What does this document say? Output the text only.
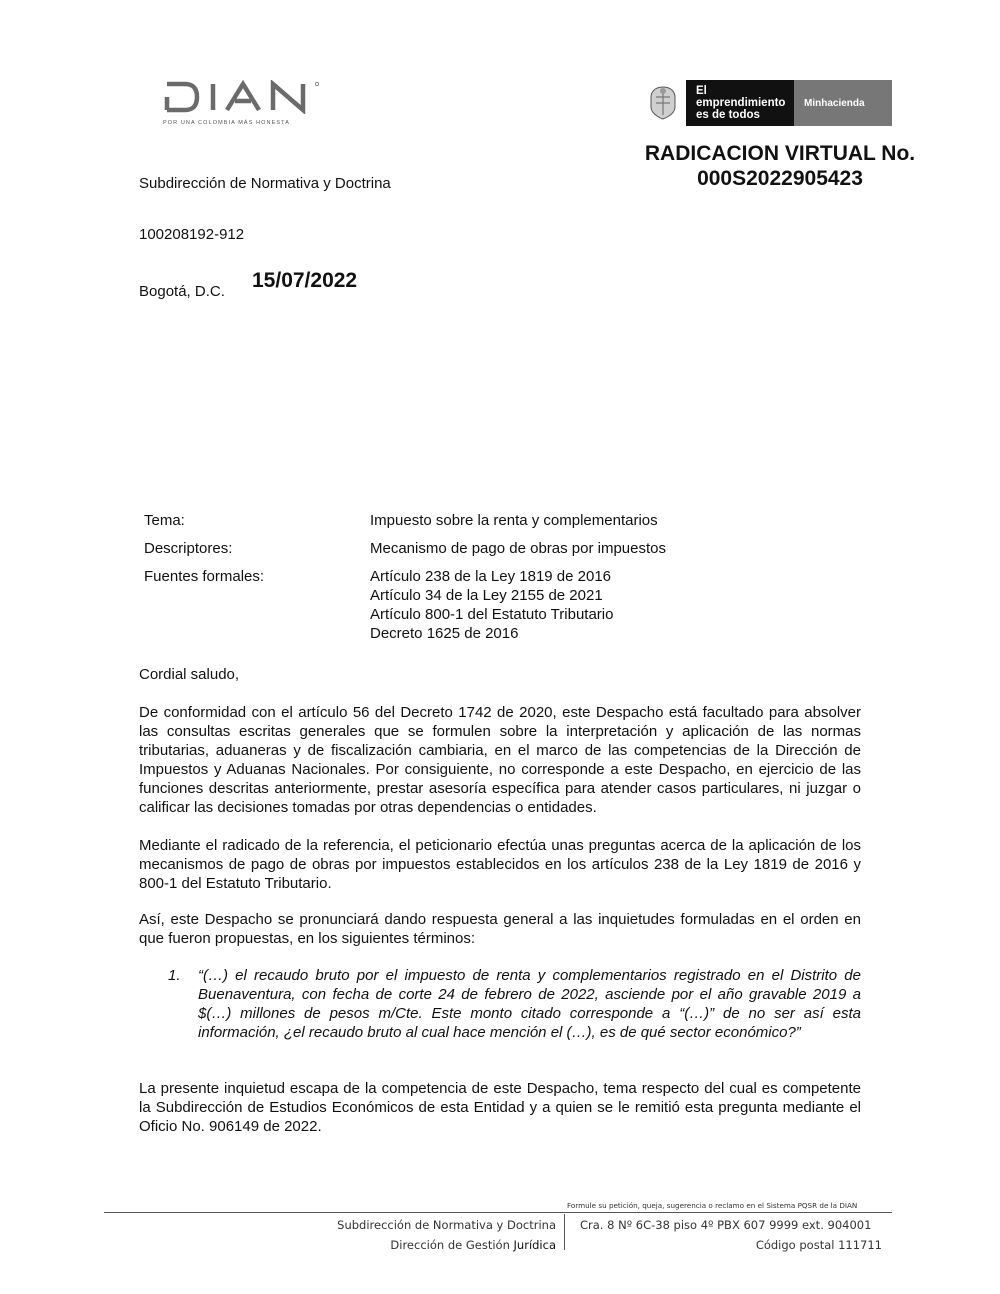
POR UNA COLOMBIA MÁS HONESTA
El emprendimiento
es de todos
Minhacienda
RADICACION VIRTUAL No.
000S2022905423
Subdirección de Normativa y Doctrina
100208192-912
Bogotá, D.C. 15/07/2022
Tema:	Impuesto sobre la renta y complementarios
Descriptores:	Mecanismo de pago de obras por impuestos
Fuentes formales:	Artículo 238 de la Ley 1819 de 2016
Artículo 34 de la Ley 2155 de 2021
Artículo 800-1 del Estatuto Tributario
Decreto 1625 de 2016
Cordial saludo,
De conformidad con el artículo 56 del Decreto 1742 de 2020, este Despacho está facultado para absolver las consultas escritas generales que se formulen sobre la interpretación y aplicación de las normas tributarias, aduaneras y de fiscalización cambiaria, en el marco de las competencias de la Dirección de Impuestos y Aduanas Nacionales. Por consiguiente, no corresponde a este Despacho, en ejercicio de las funciones descritas anteriormente, prestar asesoría específica para atender casos particulares, ni juzgar o calificar las decisiones tomadas por otras dependencias o entidades.
Mediante el radicado de la referencia, el peticionario efectúa unas preguntas acerca de la aplicación de los mecanismos de pago de obras por impuestos establecidos en los artículos 238 de la Ley 1819 de 2016 y 800-1 del Estatuto Tributario.
Así, este Despacho se pronunciará dando respuesta general a las inquietudes formuladas en el orden en que fueron propuestas, en los siguientes términos:
1.	“(…) el recaudo bruto por el impuesto de renta y complementarios registrado en el Distrito de Buenaventura, con fecha de corte 24 de febrero de 2022, asciende por el año gravable 2019 a $(…) millones de pesos m/Cte. Este monto citado corresponde a “(…)” de no ser así esta información, ¿el recaudo bruto al cual hace mención el (…), es de qué sector económico?”
La presente inquietud escapa de la competencia de este Despacho, tema respecto del cual es competente la Subdirección de Estudios Económicos de esta Entidad y a quien se le remitió esta pregunta mediante el Oficio No. 906149 de 2022.
Formule su petición, queja, sugerencia o reclamo en el Sistema PQSR de la DIAN
Subdirección de Normativa y Doctrina
Dirección de Gestión Jurídica
Cra. 8 Nº 6C-38 piso 4º PBX 607 9999 ext. 904001
Código postal 111711
